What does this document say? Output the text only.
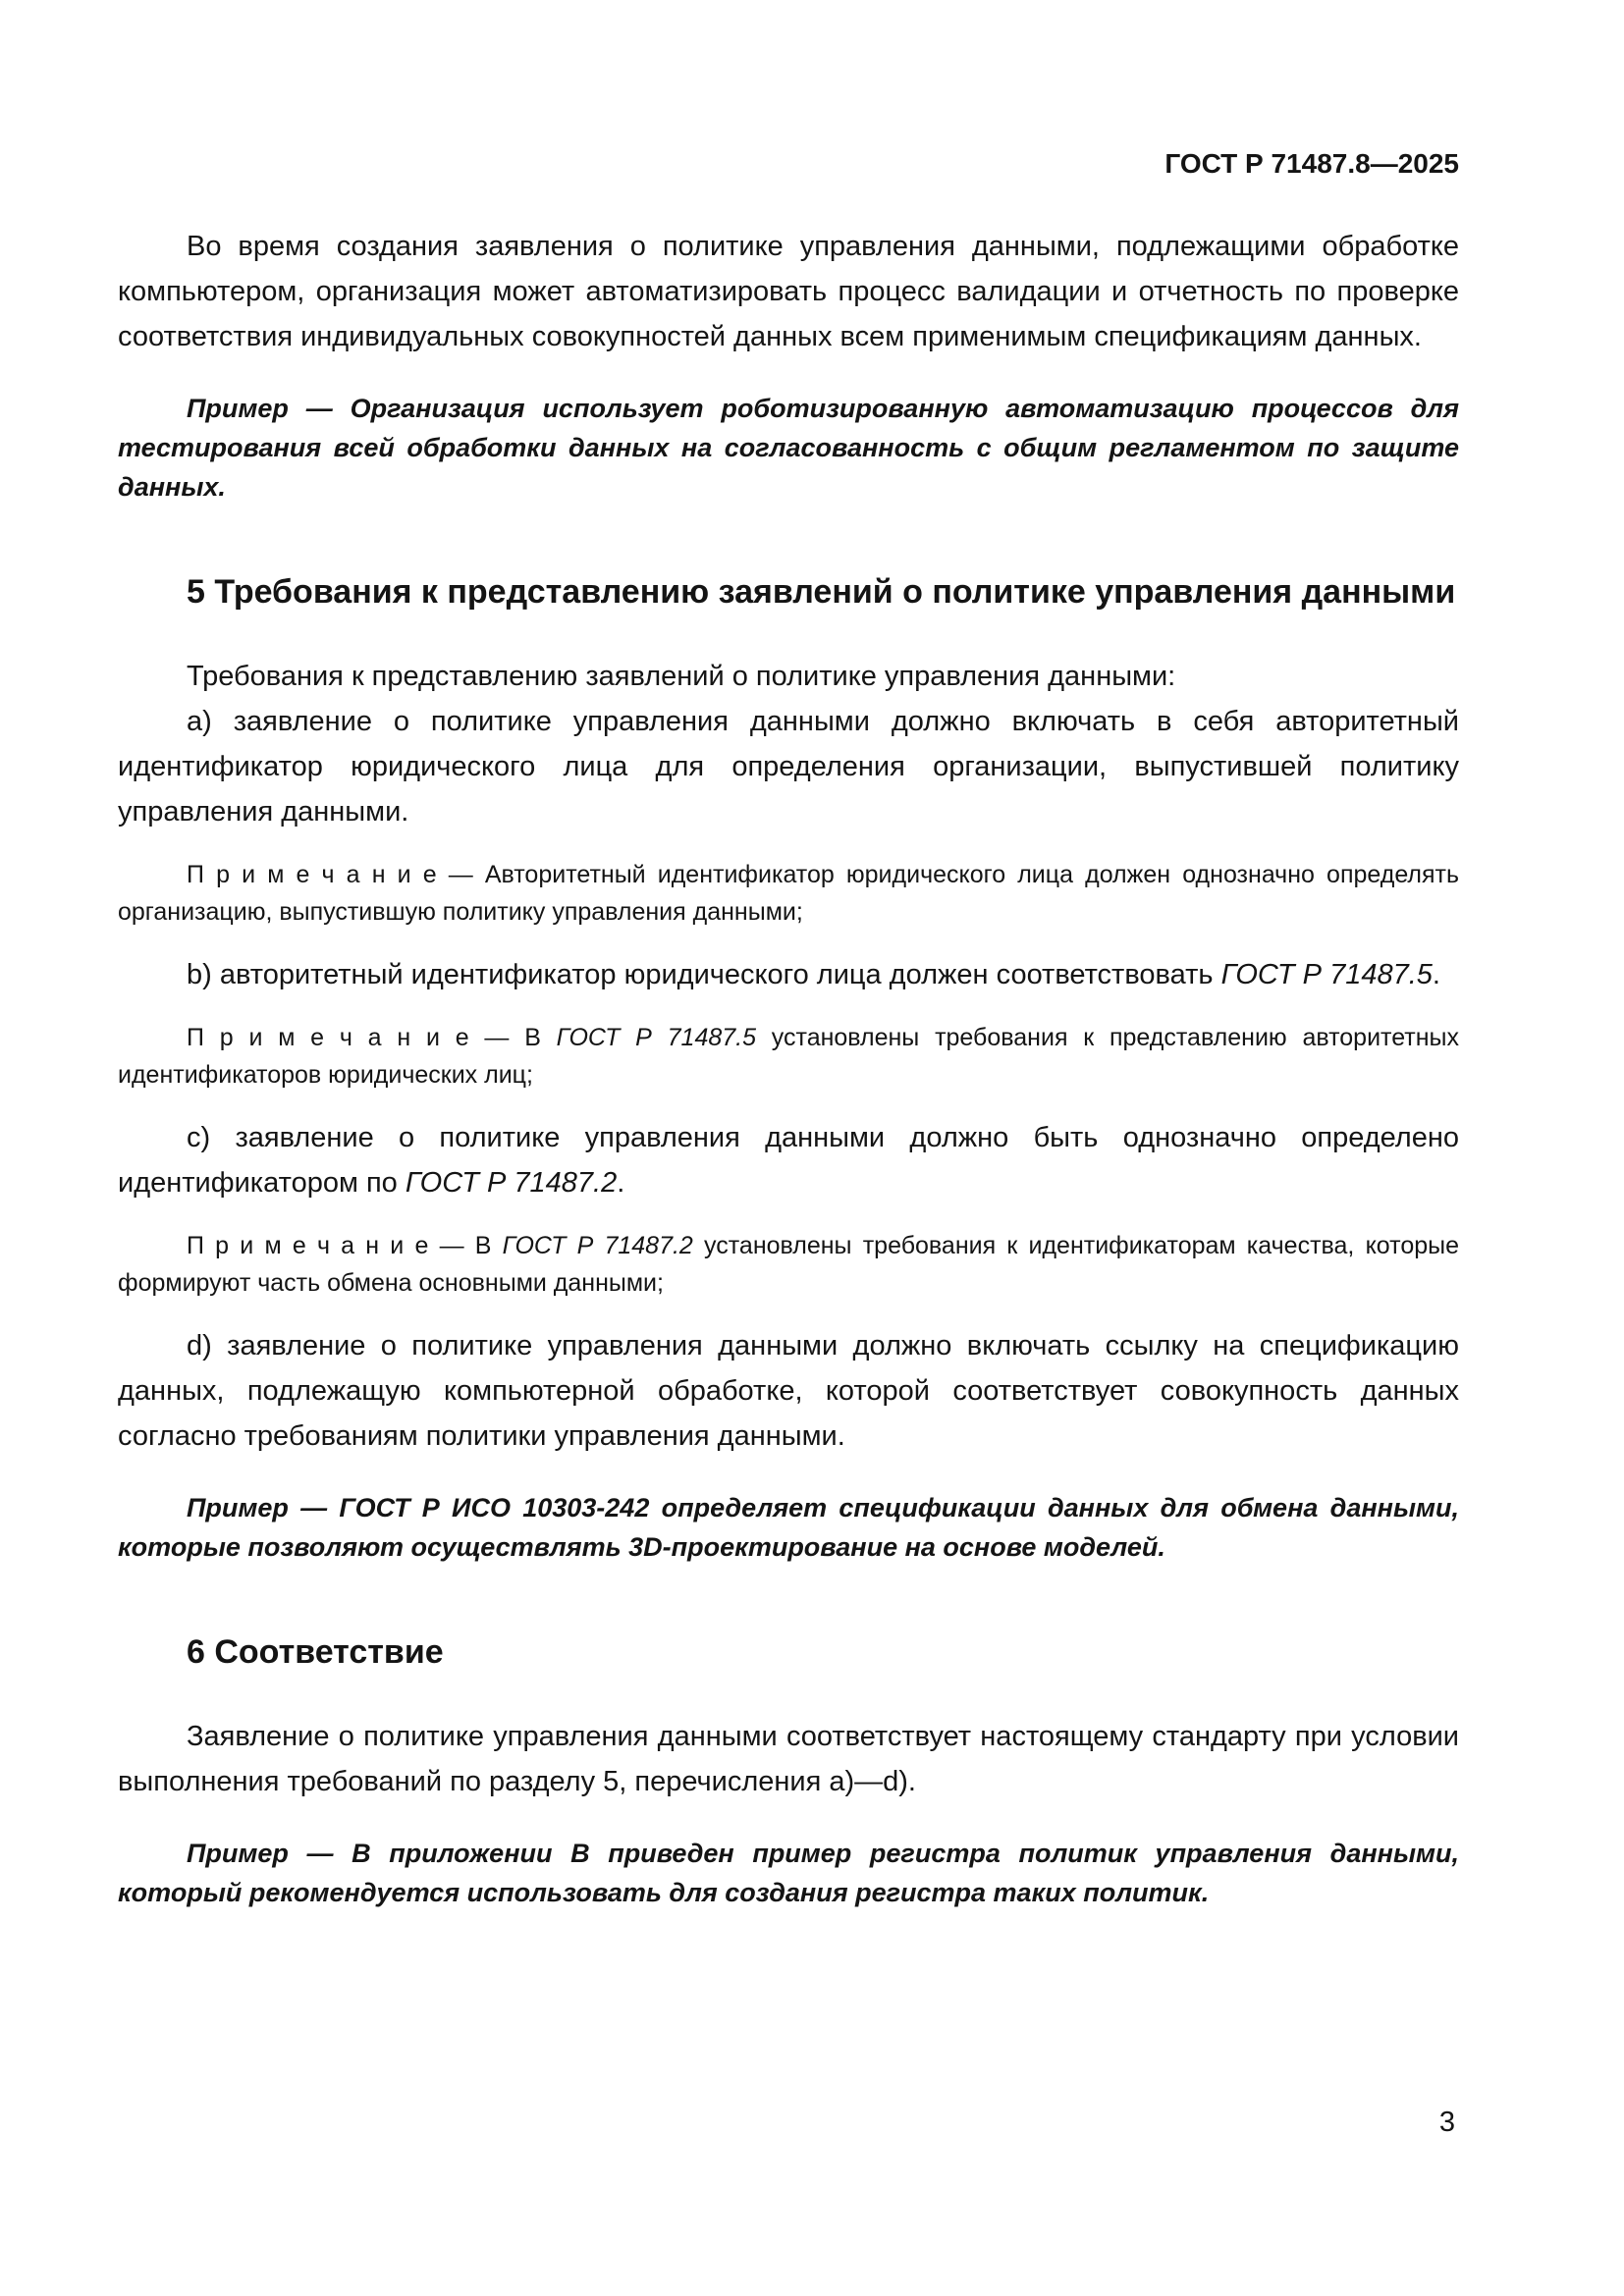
ГОСТ Р 71487.8—2025

Во время создания заявления о политике управления данными, подлежащими обработке компьютером, организация может автоматизировать процесс валидации и отчетность по проверке соответствия индивидуальных совокупностей данных всем применимым спецификациям данных.

Пример — Организация использует роботизированную автоматизацию процессов для тестирования всей обработки данных на согласованность с общим регламентом по защите данных.

5 Требования к представлению заявлений о политике управления данными

Требования к представлению заявлений о политике управления данными:

a) заявление о политике управления данными должно включать в себя авторитетный идентификатор юридического лица для определения организации, выпустившей политику управления данными.

П р и м е ч а н и е — Авторитетный идентификатор юридического лица должен однозначно определять организацию, выпустившую политику управления данными;

b) авторитетный идентификатор юридического лица должен соответствовать ГОСТ Р 71487.5.

П р и м е ч а н и е — В ГОСТ Р 71487.5 установлены требования к представлению авторитетных идентификаторов юридических лиц;

c) заявление о политике управления данными должно быть однозначно определено идентификатором по ГОСТ Р 71487.2.

П р и м е ч а н и е — В ГОСТ Р 71487.2 установлены требования к идентификаторам качества, которые формируют часть обмена основными данными;

d) заявление о политике управления данными должно включать ссылку на спецификацию данных, подлежащую компьютерной обработке, которой соответствует совокупность данных согласно требованиям политики управления данными.

Пример — ГОСТ Р ИСО 10303-242 определяет спецификации данных для обмена данными, которые позволяют осуществлять 3D-проектирование на основе моделей.

6 Соответствие

Заявление о политике управления данными соответствует настоящему стандарту при условии выполнения требований по разделу 5, перечисления a)—d).

Пример — В приложении В приведен пример регистра политик управления данными, который рекомендуется использовать для создания регистра таких политик.

3
